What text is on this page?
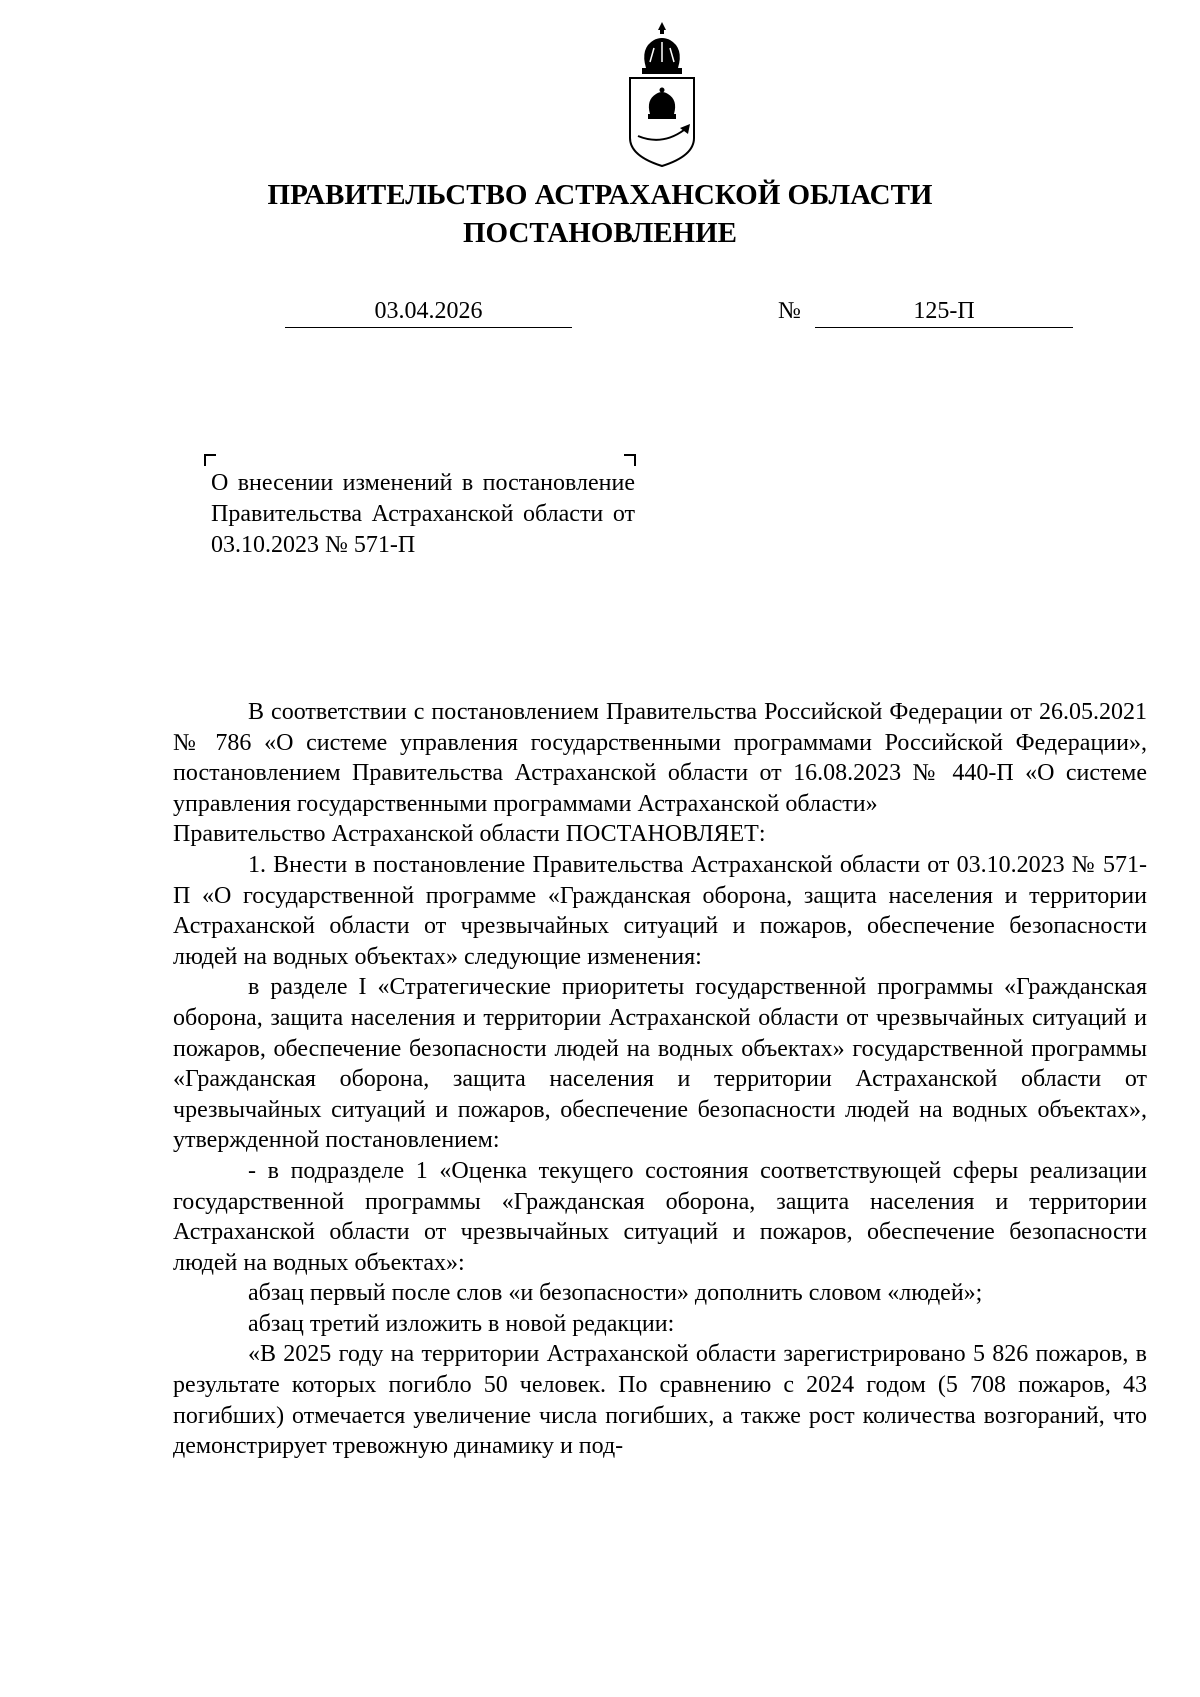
ПРАВИТЕЛЬСТВО АСТРАХАНСКОЙ ОБЛАСТИ
ПОСТАНОВЛЕНИЕ
03.04.2026	№	125-П
О внесении изменений в постановление Правительства Астраханской области от 03.10.2023 № 571-П

В соответствии с постановлением Правительства Российской Федерации от 26.05.2021 № 786 «О системе управления государственными программами Российской Федерации», постановлением Правительства Астраханской области от 16.08.2023 № 440-П «О системе управления государственными программами Астраханской области»

Правительство Астраханской области ПОСТАНОВЛЯЕТ:

1. Внести в постановление Правительства Астраханской области от 03.10.2023 № 571-П «О государственной программе «Гражданская оборона, защита населения и территории Астраханской области от чрезвычайных ситуаций и пожаров, обеспечение безопасности людей на водных объектах» следующие изменения:

в разделе I «Стратегические приоритеты государственной программы «Гражданская оборона, защита населения и территории Астраханской области от чрезвычайных ситуаций и пожаров, обеспечение безопасности людей на водных объектах» государственной программы «Гражданская оборона, защита населения и территории Астраханской области от чрезвычайных ситуаций и пожаров, обеспечение безопасности людей на водных объектах», утвержденной постановлением:

- в подразделе 1 «Оценка текущего состояния соответствующей сферы реализации государственной программы «Гражданская оборона, защита населения и территории Астраханской области от чрезвычайных ситуаций и пожаров, обеспечение безопасности людей на водных объектах»:

абзац первый после слов «и безопасности» дополнить словом «людей»;

абзац третий изложить в новой редакции:

«В 2025 году на территории Астраханской области зарегистрировано 5 826 пожаров, в результате которых погибло 50 человек. По сравнению с 2024 годом (5 708 пожаров, 43 погибших) отмечается увеличение числа погибших, а также рост количества возгораний, что демонстрирует тревожную динамику и под-
